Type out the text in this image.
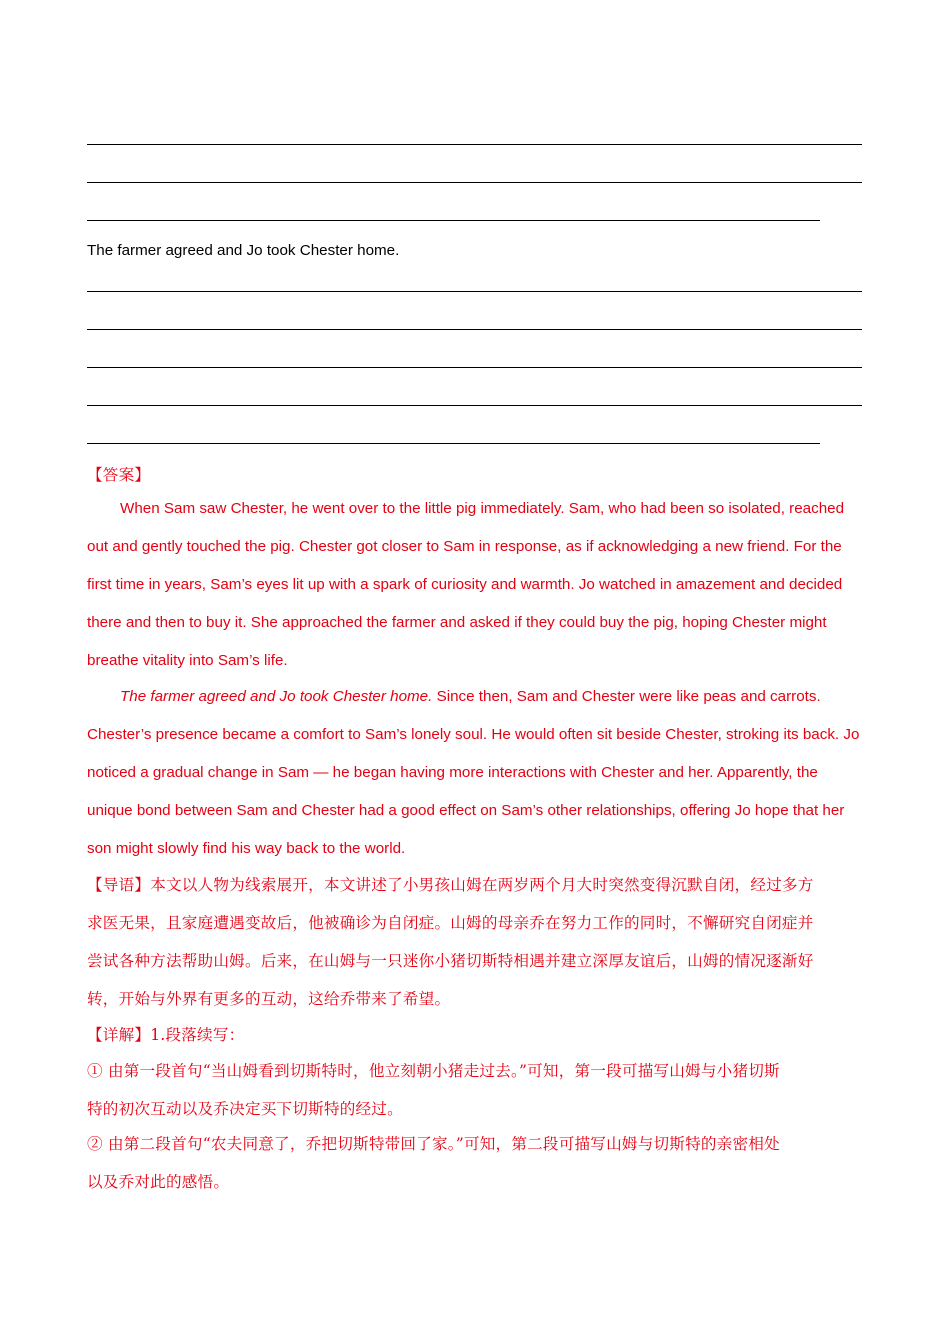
The farmer agreed and Jo took Chester home.

【答案】

When Sam saw Chester, he went over to the little pig immediately. Sam, who had been so isolated, reached

out and gently touched the pig. Chester got closer to Sam in response, as if acknowledging a new friend. For the

first time in years, Sam’s eyes lit up with a spark of curiosity and warmth. Jo watched in amazement and decided

there and then to buy it. She approached the farmer and asked if they could buy the pig, hoping Chester might

breathe vitality into Sam’s life.

The farmer agreed and Jo took Chester home. Since then, Sam and Chester were like peas and carrots.

Chester’s presence became a comfort to Sam’s lonely soul. He would often sit beside Chester, stroking its back. Jo

noticed a gradual change in Sam — he began having more interactions with Chester and her. Apparently, the

unique bond between Sam and Chester had a good effect on Sam’s other relationships, offering Jo hope that her

son might slowly find his way back to the world.

【导语】本文以人物为线索展开，本文讲述了小男孩山姆在两岁两个月大时突然变得沉默自闭，经过多方

求医无果，且家庭遭遇变故后，他被确诊为自闭症。山姆的母亲乔在努力工作的同时，不懈研究自闭症并

尝试各种方法帮助山姆。后来，在山姆与一只迷你小猪切斯特相遇并建立深厚友谊后，山姆的情况逐渐好

转，开始与外界有更多的互动，这给乔带来了希望。

【详解】1.段落续写：

① 由第一段首句“当山姆看到切斯特时，他立刻朝小猪走过去。”可知，第一段可描写山姆与小猪切斯

特的初次互动以及乔决定买下切斯特的经过。

② 由第二段首句“农夫同意了，乔把切斯特带回了家。”可知，第二段可描写山姆与切斯特的亲密相处

以及乔对此的感悟。
